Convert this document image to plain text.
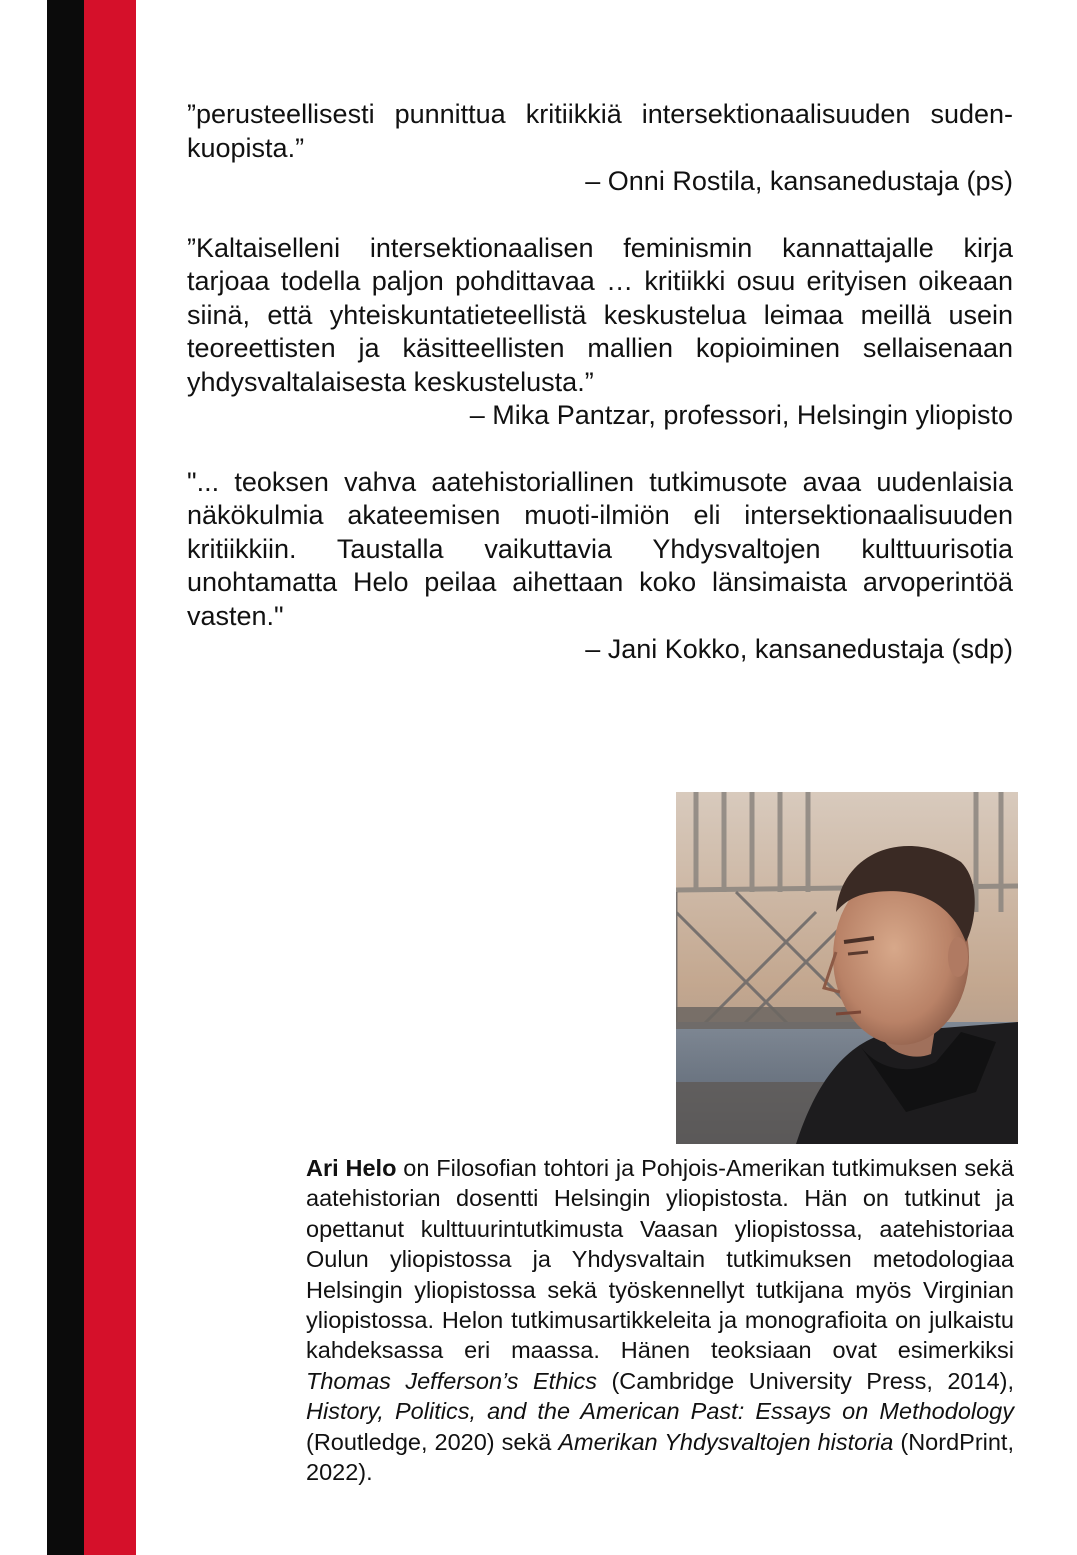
”perusteellisesti punnittua kritiikkiä intersektionaalisuuden suden-kuopista.”

– Onni Rostila, kansanedustaja (ps)

”Kaltaiselleni intersektionaalisen feminismin kannattajalle kirja tarjoaa todella paljon pohdittavaa … kritiikki osuu erityisen oikeaan siinä, että yhteiskuntatieteellistä keskustelua leimaa meillä usein teoreettisten ja käsitteellisten mallien kopioiminen sellaisenaan yhdysvaltalaisesta keskustelusta.”

– Mika Pantzar, professori, Helsingin yliopisto

"... teoksen vahva aatehistoriallinen tutkimusote avaa uudenlaisia näkökulmia akateemisen muoti-ilmiön eli intersektionaalisuuden kritiikkiin. Taustalla vaikuttavia Yhdysvaltojen kulttuurisotia unohtamatta Helo peilaa aihettaan koko länsimaista arvoperintöä vasten."

– Jani Kokko, kansanedustaja (sdp)

Ari Helo on Filosofian tohtori ja Pohjois-Amerikan tutkimuksen sekä aatehistorian dosentti Helsingin yliopistosta. Hän on tutkinut ja opettanut kulttuurintutkimusta Vaasan yliopistossa, aatehistoriaa Oulun yliopistossa ja Yhdysvaltain tutkimuksen metodologiaa Helsingin yliopistossa sekä työskennellyt tutkijana myös Virginian yliopistossa. Helon tutkimusartikkeleita ja monografioita on julkaistu kahdeksassa eri maassa. Hänen teoksiaan ovat esimerkiksi Thomas Jefferson’s Ethics (Cambridge University Press, 2014), History, Politics, and the American Past: Essays on Methodology (Routledge, 2020) sekä Amerikan Yhdysvaltojen historia (NordPrint, 2022).
